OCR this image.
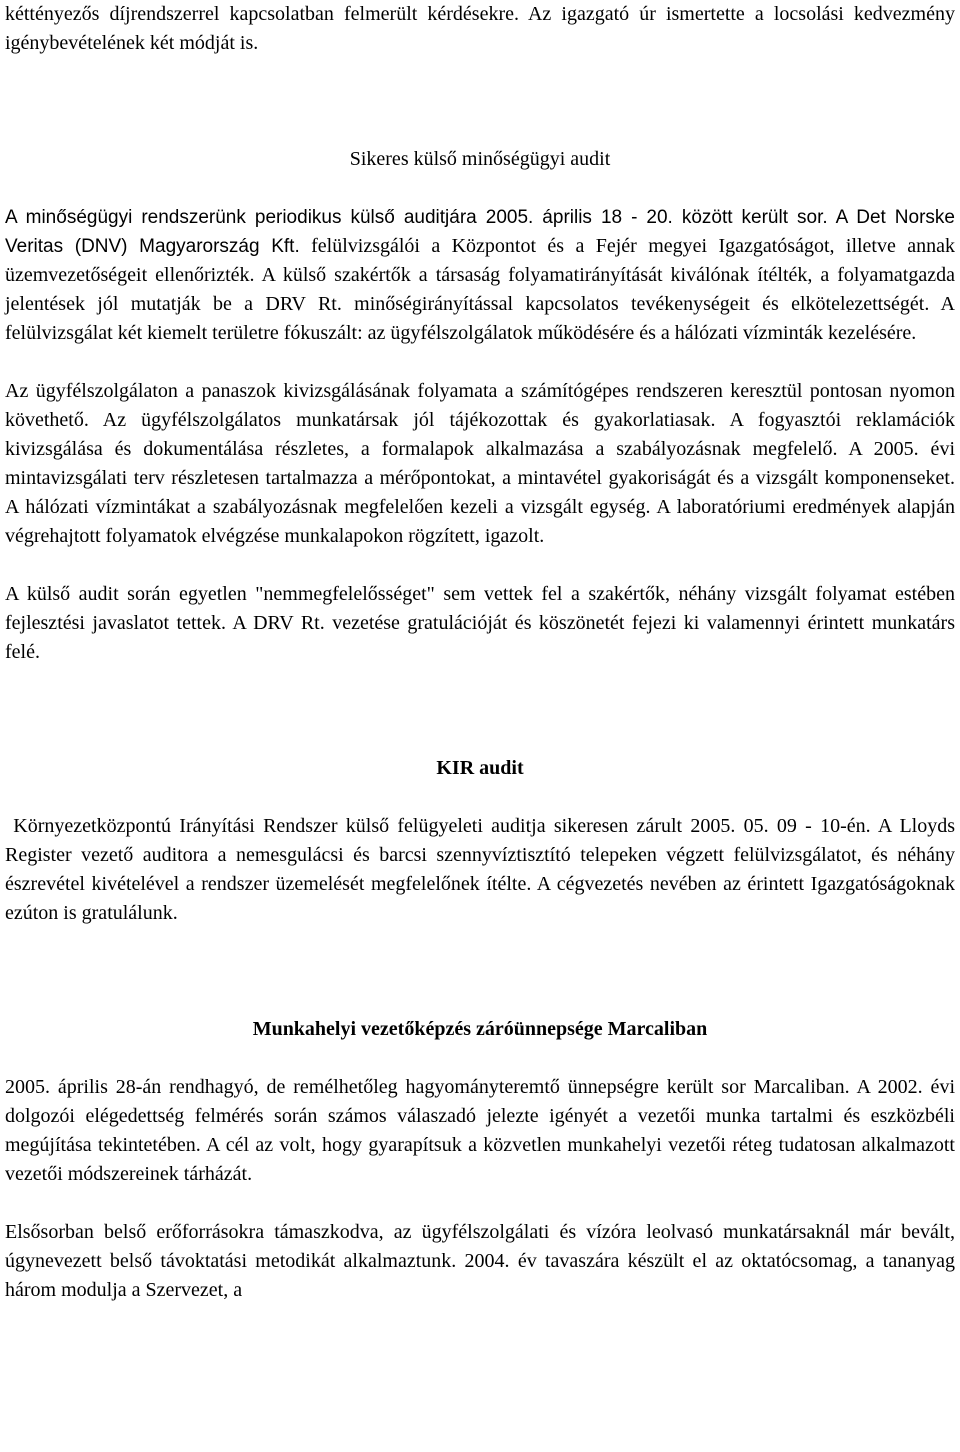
kéttényezős díjrendszerrel kapcsolatban felmerült kérdésekre. Az igazgató úr ismertette a locsolási kedvezmény igénybevételének két módját is.

Sikeres külső minőségügyi audit

A minőségügyi rendszerünk periodikus külső auditjára 2005. április 18 - 20. között került sor. A Det Norske Veritas (DNV) Magyarország Kft. felülvizsgálói a Központot és a Fejér megyei Igazgatóságot, illetve annak üzemvezetőségeit ellenőrizték. A külső szakértők a társaság folyamatirányítását kiválónak ítélték, a folyamatgazda jelentések jól mutatják be a DRV Rt. minőségirányítással kapcsolatos tevékenységeit és elkötelezettségét. A felülvizsgálat két kiemelt területre fókuszált: az ügyfélszolgálatok működésére és a hálózati vízminták kezelésére.

Az ügyfélszolgálaton a panaszok kivizsgálásának folyamata a számítógépes rendszeren keresztül pontosan nyomon követhető. Az ügyfélszolgálatos munkatársak jól tájékozottak és gyakorlatiasak. A fogyasztói reklamációk kivizsgálása és dokumentálása részletes, a formalapok alkalmazása a szabályozásnak megfelelő. A 2005. évi mintavizsgálati terv részletesen tartalmazza a mérőpontokat, a mintavétel gyakoriságát és a vizsgált komponenseket. A hálózati vízmintákat a szabályozásnak megfelelően kezeli a vizsgált egység. A laboratóriumi eredmények alapján végrehajtott folyamatok elvégzése munkalapokon rögzített, igazolt.

A külső audit során egyetlen "nemmegfelelősséget" sem vettek fel a szakértők, néhány vizsgált folyamat estében fejlesztési javaslatot tettek. A DRV Rt. vezetése gratulációját és köszönetét fejezi ki valamennyi érintett munkatárs felé.

KIR audit

Környezetközpontú Irányítási Rendszer külső felügyeleti auditja sikeresen zárult 2005. 05. 09 - 10-én. A Lloyds Register vezető auditora a nemesgulácsi és barcsi szennyvíztisztító telepeken végzett felülvizsgálatot, és néhány észrevétel kivételével a rendszer üzemelését megfelelőnek ítélte. A cégvezetés nevében az érintett Igazgatóságoknak ezúton is gratulálunk.

Munkahelyi vezetőképzés záróünnepsége Marcaliban

2005. április 28-án rendhagyó, de remélhetőleg hagyományteremtő ünnepségre került sor Marcaliban. A 2002. évi dolgozói elégedettség felmérés során számos válaszadó jelezte igényét a vezetői munka tartalmi és eszközbéli megújítása tekintetében. A cél az volt, hogy gyarapítsuk a közvetlen munkahelyi vezetői réteg tudatosan alkalmazott vezetői módszereinek tárházát.

Elsősorban belső erőforrásokra támaszkodva, az ügyfélszolgálati és vízóra leolvasó munkatársaknál már bevált, úgynevezett belső távoktatási metodikát alkalmaztunk. 2004. év tavaszára készült el az oktatócsomag, a tananyag három modulja a Szervezet, a
